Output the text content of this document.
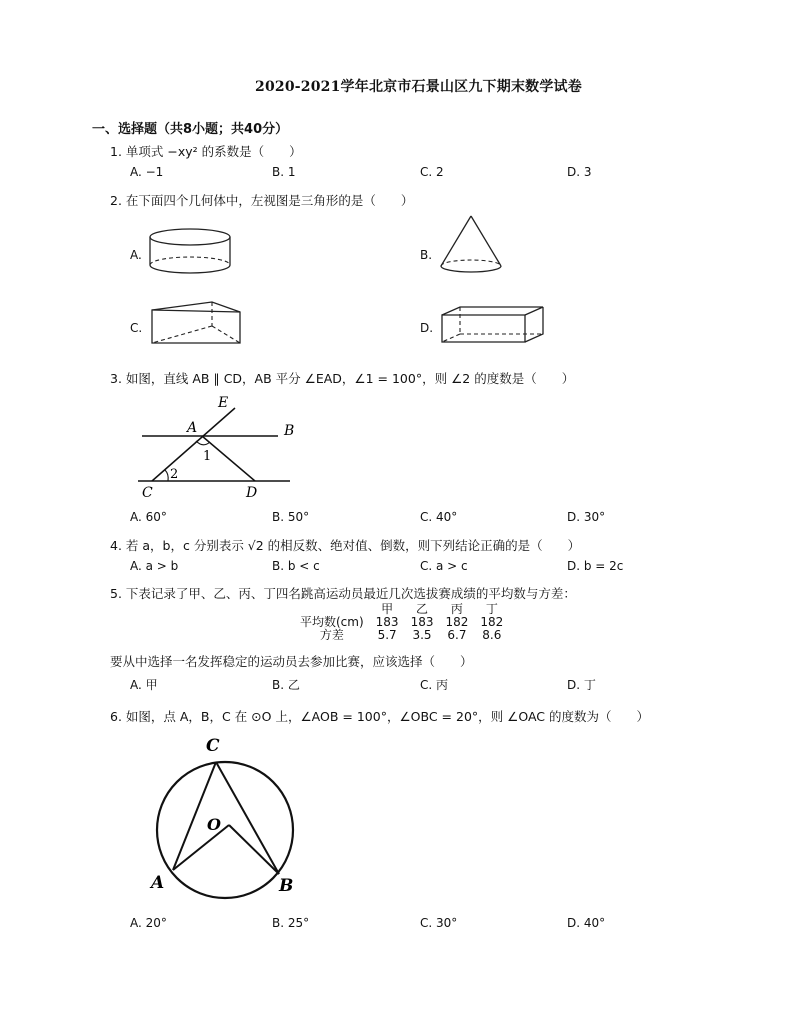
2020-2021学年北京市石景山区九下期末数学试卷
一、选择题（共8小题；共40分）
1. 单项式 −xy² 的系数是（　　）
A. −1	B. 1	C. 2	D. 3
2. 在下面四个几何体中，左视图是三角形的是（　　）
A.	B.
C.	D.
3. 如图，直线 AB ∥ CD，AB 平分 ∠EAD，∠1 = 100°，则 ∠2 的度数是（　　）
E
A	B
1
2
C	D
A. 60°	B. 50°	C. 40°	D. 30°
4. 若 a，b，c 分别表示 √2 的相反数、绝对值、倒数，则下列结论正确的是（　　）
A. a > b	B. b < c	C. a > c	D. b = 2c
5. 下表记录了甲、乙、丙、丁四名跳高运动员最近几次选拔赛成绩的平均数与方差：
	甲	乙	丙	丁
平均数(cm)	183	183	182	182
方差	5.7	3.5	6.7	8.6
要从中选择一名发挥稳定的运动员去参加比赛，应该选择（　　）
A. 甲	B. 乙	C. 丙	D. 丁
6. 如图，点 A，B，C 在 ⊙O 上，∠AOB = 100°，∠OBC = 20°，则 ∠OAC 的度数为（　　）
C
O
A	B
A. 20°	B. 25°	C. 30°	D. 40°
